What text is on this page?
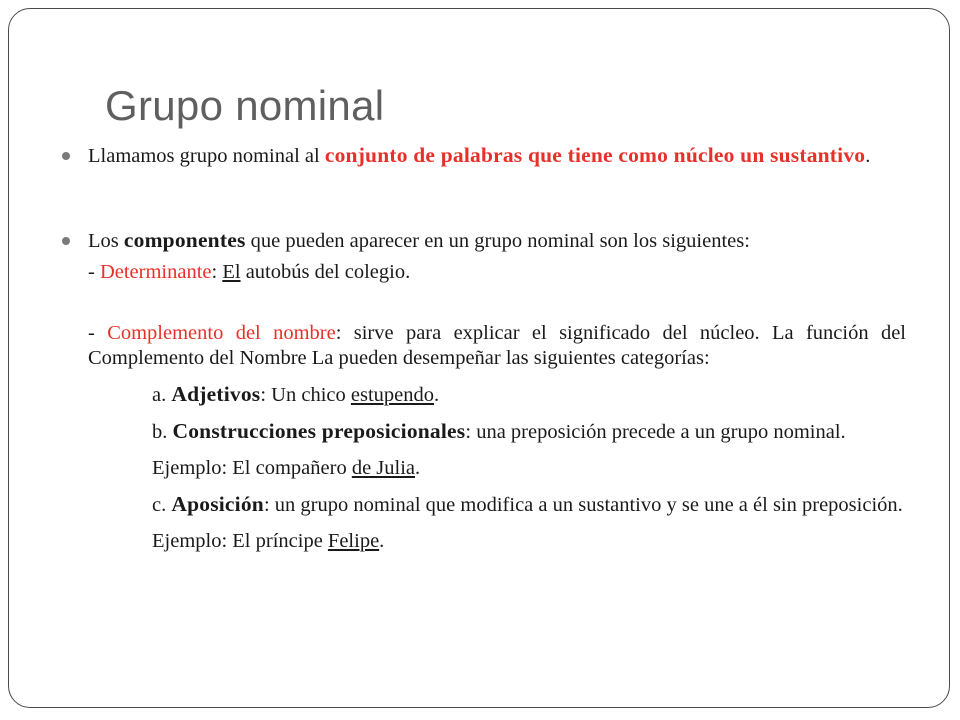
Grupo nominal

Llamamos grupo nominal al conjunto de palabras que tiene como núcleo un sustantivo.

Los componentes que pueden aparecer en un grupo nominal son los siguientes:

- Determinante: El autobús del colegio.

- Complemento del nombre: sirve para explicar el significado del núcleo. La función del Complemento del Nombre La pueden desempeñar las siguientes categorías:

a. Adjetivos: Un chico estupendo.

b. Construcciones preposicionales: una preposición precede a un grupo nominal.

Ejemplo: El compañero de Julia.

c. Aposición: un grupo nominal que modifica a un sustantivo y se une a él sin preposición.

Ejemplo: El príncipe Felipe.
